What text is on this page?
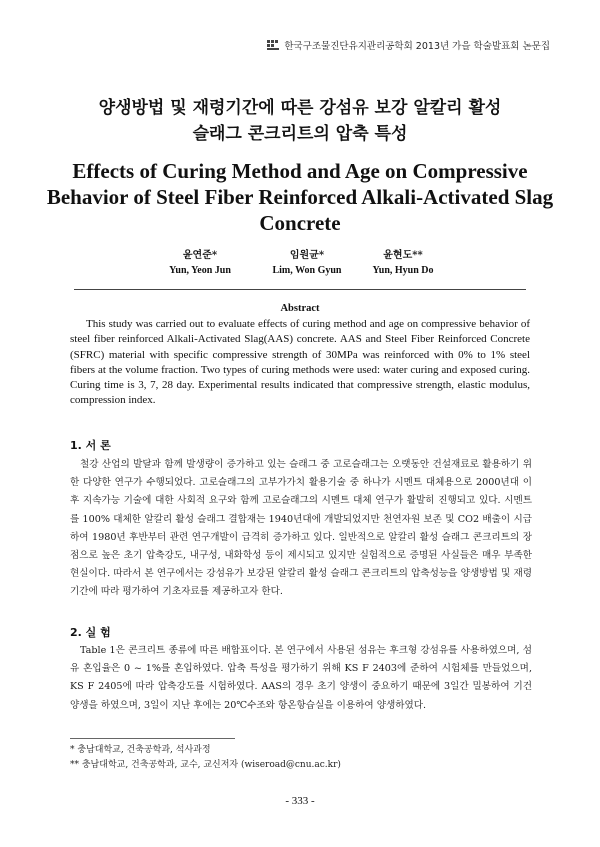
한국구조물진단유지관리공학회 2013년 가을 학술발표회 논문집
양생방법 및 재령기간에 따른 강섬유 보강 알칼리 활성
슬래그 콘크리트의 압축 특성
Effects of Curing Method and Age on Compressive
Behavior of Steel Fiber Reinforced Alkali-Activated Slag
Concrete
윤연준*
Yun, Yeon Jun
임원균*
Lim, Won Gyun
윤현도**
Yun, Hyun Do
Abstract

This study was carried out to evaluate effects of curing method and age on compressive behavior of steel fiber reinforced Alkali-Activated Slag(AAS) concrete. AAS and Steel Fiber Reinforced Concrete (SFRC) material with specific compressive strength of 30MPa was reinforced with 0% to 1% steel fibers at the volume fraction. Two types of curing methods were used: water curing and exposed curing. Curing time is 3, 7, 28 day. Experimental results indicated that compressive strength, elastic modulus, compression index.

1. 서 론

철강 산업의 발달과 함께 발생량이 증가하고 있는 슬래그 중 고로슬래그는 오랫동안 건설재료로 활용하기 위한 다양한 연구가 수행되었다. 고로슬래그의 고부가가치 활용기술 중 하나가 시멘트 대체용으로 2000년대 이후 지속가능 기술에 대한 사회적 요구와 함께 고로슬래그의 시멘트 대체 연구가 활발히 진행되고 있다. 시멘트를 100% 대체한 알칼리 활성 슬래그 결합재는 1940년대에 개발되었지만 천연자원 보존 및 CO2 배출이 시급하여 1980년 후반부터 관련 연구개발이 급격히 증가하고 있다. 일반적으로 알칼리 활성 슬래그 콘크리트의 장점으로 높은 초기 압축강도, 내구성, 내화학성 등이 제시되고 있지만 실험적으로 증명된 사실들은 매우 부족한 현실이다. 따라서 본 연구에서는 강섬유가 보강된 알칼리 활성 슬래그 콘크리트의 압축성능을 양생방법 및 재령기간에 따라 평가하여 기초자료를 제공하고자 한다.

2. 실 험

Table 1은 콘크리트 종류에 따른 배합표이다. 본 연구에서 사용된 섬유는 후크형 강섬유를 사용하였으며, 섬유 혼입율은 0 ~ 1%를 혼입하였다. 압축 특성을 평가하기 위해 KS F 2403에 준하여 시험체를 만들었으며, KS F 2405에 따라 압축강도를 시험하였다. AAS의 경우 초기 양생이 중요하기 때문에 3일간 밀봉하여 기건 양생을 하였으며, 3일이 지난 후에는 20℃수조와 항온항습실을 이용하여 양생하였다.

* 충남대학교, 건축공학과, 석사과정
** 충남대학교, 건축공학과, 교수, 교신저자 (wiseroad@cnu.ac.kr)
- 333 -
